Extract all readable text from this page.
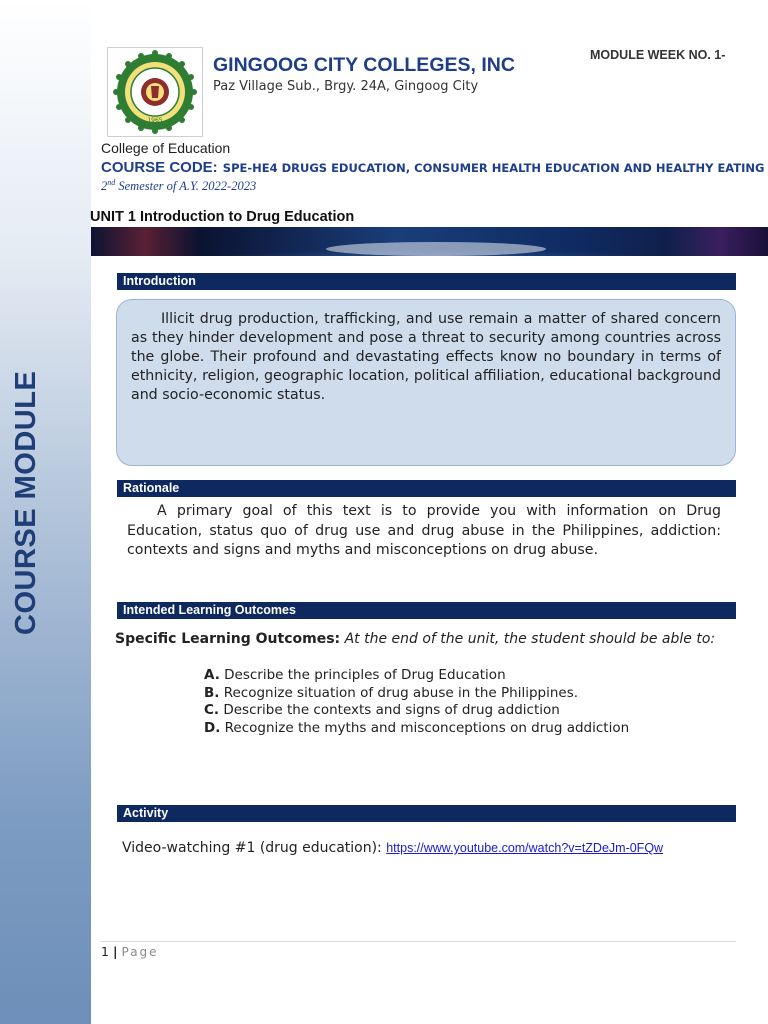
COURSE MODULE
1965
GINGOOG CITY COLLEGES, INC
Paz Village Sub., Brgy. 24A, Gingoog City
MODULE WEEK NO. 1-
College of Education
COURSE CODE: SPE-HE4 DRUGS EDUCATION, CONSUMER HEALTH EDUCATION AND HEALTHY EATING
2nd Semester of A.Y. 2022-2023
UNIT 1 Introduction to Drug Education
Introduction

Illicit drug production, trafficking, and use remain a matter of shared concern as they hinder development and pose a threat to security among countries across the globe. Their profound and devastating effects know no boundary in terms of ethnicity, religion, geographic location, political affiliation, educational background and socio-economic status.

Rationale

A primary goal of this text is to provide you with information on Drug Education, status quo of drug use and drug abuse in the Philippines, addiction: contexts and signs and myths and misconceptions on drug abuse.

Intended Learning Outcomes
Specific Learning Outcomes: At the end of the unit, the student should be able to:
A. Describe the principles of Drug Education
B. Recognize situation of drug abuse in the Philippines.
C. Describe the contexts and signs of drug addiction
D. Recognize the myths and misconceptions on drug addiction
Activity
Video-watching #1 (drug education): https://www.youtube.com/watch?v=tZDeJm-0FQw
1 | Page
